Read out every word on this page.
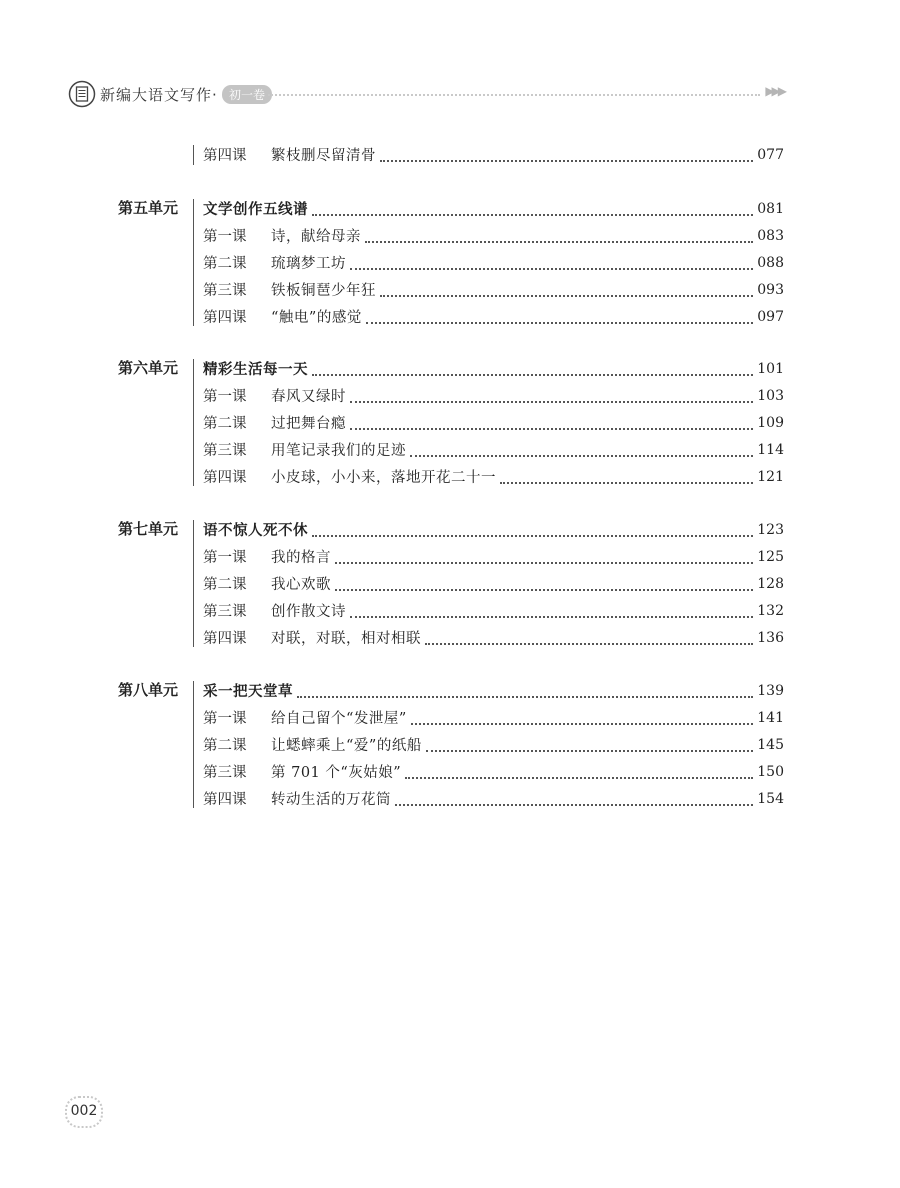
新编大语文写作· 初一卷	▶▶▶
第四课	繁枝删尽留清骨	077
第五单元 文学创作五线谱	081
第一课	诗，献给母亲	083
第二课	琉璃梦工坊	088
第三课	铁板铜琶少年狂	093
第四课	“触电”的感觉	097
第六单元 精彩生活每一天	101
第一课	春风又绿时	103
第二课	过把舞台瘾	109
第三课	用笔记录我们的足迹	114
第四课	小皮球，小小来，落地开花二十一	121
第七单元 语不惊人死不休	123
第一课	我的格言	125
第二课	我心欢歌	128
第三课	创作散文诗	132
第四课	对联，对联，相对相联	136
第八单元 采一把天堂草	139
第一课	给自己留个“发泄屋”	141
第二课	让蟋蟀乘上“爱”的纸船	145
第三课	第 701 个“灰姑娘”	150
第四课	转动生活的万花筒	154
002
